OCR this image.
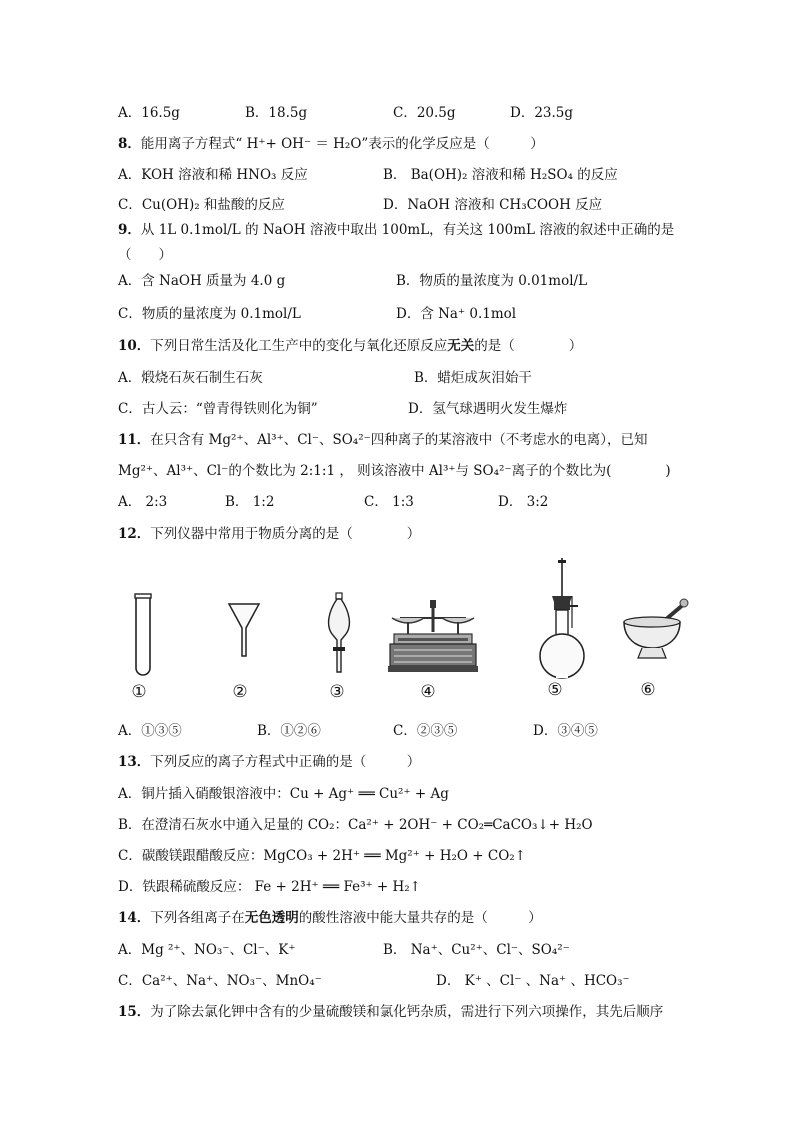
A．16.5g	B．18.5g	C．20.5g	D．23.5g
8．能用离子方程式“ H⁺+ OH⁻ ＝ H₂O”表示的化学反应是（　　　）
A．KOH 溶液和稀 HNO₃ 反应	B． Ba(OH)₂ 溶液和稀 H₂SO₄ 的反应
C．Cu(OH)₂ 和盐酸的反应	D．NaOH 溶液和 CH₃COOH 反应
9．从 1L 0.1mol/L 的 NaOH 溶液中取出 100mL，有关这 100mL 溶液的叙述中正确的是
（　　）
A．含 NaOH 质量为 4.0 g	B．物质的量浓度为 0.01mol/L
C．物质的量浓度为 0.1mol/L	D．含 Na⁺ 0.1mol
10．下列日常生活及化工生产中的变化与氧化还原反应无关的是（　　　　）
A．煅烧石灰石制生石灰	B．蜡炬成灰泪始干
C．古人云：“曾青得铁则化为铜”	D．氢气球遇明火发生爆炸
11．在只含有 Mg²⁺、Al³⁺、Cl⁻、SO₄²⁻四种离子的某溶液中（不考虑水的电离），已知
Mg²⁺、Al³⁺、Cl⁻的个数比为 2:1:1 ， 则该溶液中 Al³⁺与 SO₄²⁻离子的个数比为(　　　　)
A． 2:3	B． 1:2	C． 1:3	D． 3:2
12．下列仪器中常用于物质分离的是（　　　　）
①	②	③	④	⑤	⑥
A．①③⑤	B．①②⑥	C．②③⑤	D．③④⑤
13．下列反应的离子方程式中正确的是（　　　）
A．铜片插入硝酸银溶液中：Cu + Ag⁺ ══ Cu²⁺ + Ag
B．在澄清石灰水中通入足量的 CO₂：Ca²⁺ + 2OH⁻ + CO₂═CaCO₃↓+ H₂O
C．碳酸镁跟醋酸反应：MgCO₃ + 2H⁺ ══ Mg²⁺ + H₂O + CO₂↑
D．铁跟稀硫酸反应： Fe + 2H⁺ ══ Fe³⁺ + H₂↑
14．下列各组离子在无色透明的酸性溶液中能大量共存的是（　　　）
A．Mg ²⁺、NO₃⁻、Cl⁻、K⁺	B． Na⁺、Cu²⁺、Cl⁻、SO₄²⁻
C．Ca²⁺、Na⁺、NO₃⁻、MnO₄⁻	D． K⁺ 、Cl⁻ 、Na⁺ 、HCO₃⁻
15．为了除去氯化钾中含有的少量硫酸镁和氯化钙杂质，需进行下列六项操作，其先后顺序
